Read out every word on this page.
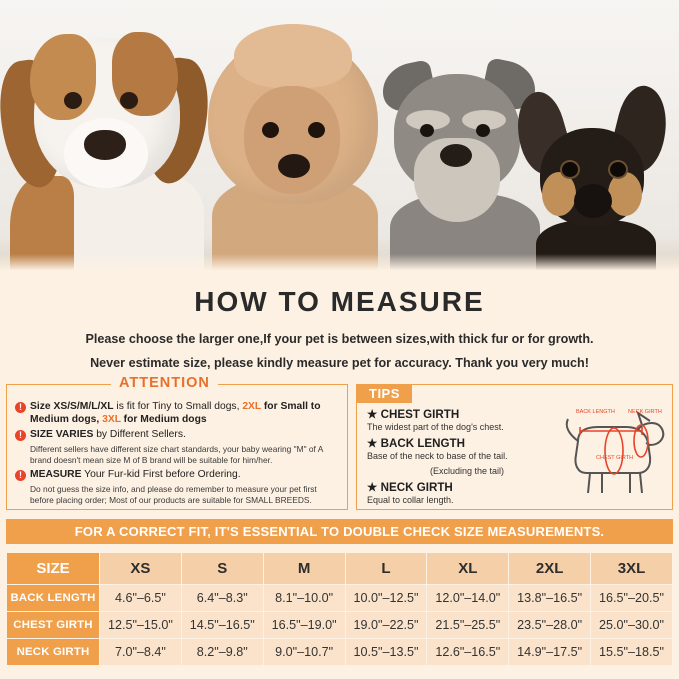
HOW TO MEASURE
Please choose the larger one,If your pet is between sizes,with thick fur or for growth.
Never estimate size, please kindly measure pet for accuracy. Thank you very much!
ATTENTION
! Size XS/S/M/L/XL is fit for Tiny to Small dogs, 2XL for Small to
Medium dogs, 3XL for Medium dogs
! SIZE VARIES by Different Sellers.
Different sellers have different size chart standards, your baby wearing "M" of A brand doesn't mean size M of B brand will be suitable for him/her.
! MEASURE Your Fur-kid First before Ordering.
Do not guess the size info, and please do remember to measure your pet first before placing order; Most of our products are suitable for SMALL BREEDS.
TIPS
★ CHEST GIRTH
The widest part of the dog's chest.
★ BACK LENGTH
Base of the neck to base of the tail.
(Excluding the tail)
★ NECK GIRTH
Equal to collar length.
NECK GIRTH
BACK LENGTH
CHEST GIRTH
FOR A CORRECT FIT, IT'S ESSENTIAL TO DOUBLE CHECK SIZE MEASUREMENTS.
SIZE	XS	S	M	L	XL	2XL	3XL
BACK LENGTH	4.6"–6.5"	6.4"–8.3"	8.1"–10.0"	10.0"–12.5"	12.0"–14.0"	13.8"–16.5"	16.5"–20.5"
CHEST GIRTH	12.5"–15.0"	14.5"–16.5"	16.5"–19.0"	19.0"–22.5"	21.5"–25.5"	23.5"–28.0"	25.0"–30.0"
NECK GIRTH	7.0"–8.4"	8.2"–9.8"	9.0"–10.7"	10.5"–13.5"	12.6"–16.5"	14.9"–17.5"	15.5"–18.5"
